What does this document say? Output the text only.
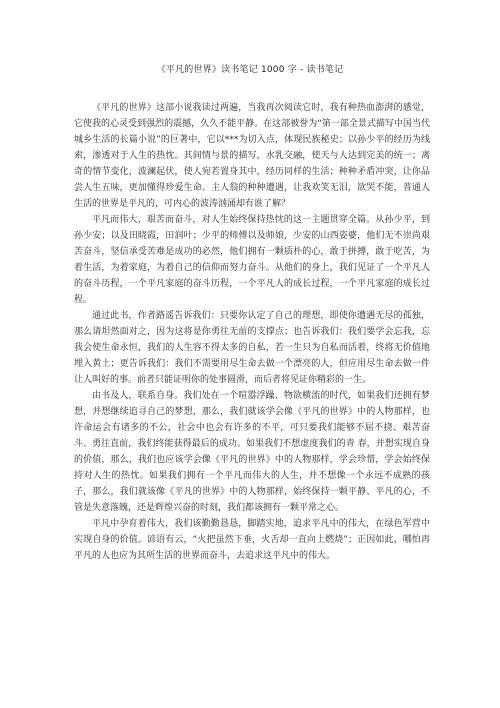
《平凡的世界》读书笔记 1000 字 - 读书笔记

《平凡的世界》这部小说我读过两遍，当我再次阅读它时，我有种热血澎湃的感觉，它使我的心灵受到强烈的震撼，久久不能平静。在这部被誉为“第一部全景式描写中国当代城乡生活的长篇小说”的巨著中，它以***为切入点，体现民族秘史；以孙少平的经历为线索，渗透对于人生的热忱。其间情与景的描写，水乳交融，使天与人达到完美的统一；离奇的情节变化，波澜起伏，使人宛若置身其中，经历同样的生活；种种矛盾冲突，让你品尝人生五味，更加懂得珍爱生命。主人翁的种种遭遇，让我欢笑无泪，欲哭不能，普通人生活的世界是平凡的，可内心的波涛汹涌却有谁了解？

平凡而伟大，艰苦而奋斗，对人生始终保持热忱的这一主题贯穿全篇。从孙少平，到孙少安；以及田晓霞，田润叶；少平的师傅以及师娘，少安的山西姿婆，他们无不崇尚艰苦奋斗，坚信承受苦难是成功的必然，他们拥有一颗质朴的心，敢于拼搏，敢于吃苦，为着生活，为着家庭，为着自己的信仰而努力奋斗。从他们的身上，我们见证了一个平凡人的奋斗历程，一个平凡家庭的奋斗历程，一个平凡人的成长过程，一个平凡家庭的成长过程。

通过此书，作者路遥告诉我们：只要你认定了自己的理想，即使你遭遇无尽的孤独，那么请坦然面对之，因为这将是你勇往无前的支撑点；也告诉我们：我们要学会忘我，忘我会使生命永恒，我们的人生容不得太多的自私，若一生只为自私而活着，终将无价值地埋入黄土；更告诉我们：我们不需要用尽生命去做一个漂亮的人，但应用尽生命去做一件让人叫好的事。前者只能证明你的处事圆滑，而后者将见证你精彩的一生。

由书及人，联系自身。我们处在一个喧嚣浮躁、物欲横流的时代，如果我们还拥有梦想，并想继续追寻自己的梦想，那么，我们就该学会像《平凡的世界》中的人物那样，也许命运会有诸多的不公，社会中也会有许多的不平，可只要我们能够不屈不挠、艰苦奋斗、勇往直前，我们终能获得最后的成功。如果我们不想虚度我们的青 春，并想实现自身的价值，那么，我们也应该学会像《平凡的世界》中的人物那样，学会珍惜，学会始终保持对人生的热忱。如果我们拥有一个平凡而伟大的人生，并不想像一个永远不成熟的孩子，那么，我们就该像《平凡的世界》中的人物那样，始终保持一颗平静、平凡的心，不管是失意落魄，还是辉煌兴奋的时刻，我们都该拥有一颗平常之心。

平凡中孕育着伟大，我们该勤勤恳恳，脚踏实地，追求平凡中的伟大，在绿色军营中实现自身的价值。谚语有云，“火把虽然下垂，火舌却一直向上燃烧”；正因如此，哪怕再平凡的人也应为其所生活的世界而奋斗，去追求这平凡中的伟大。
